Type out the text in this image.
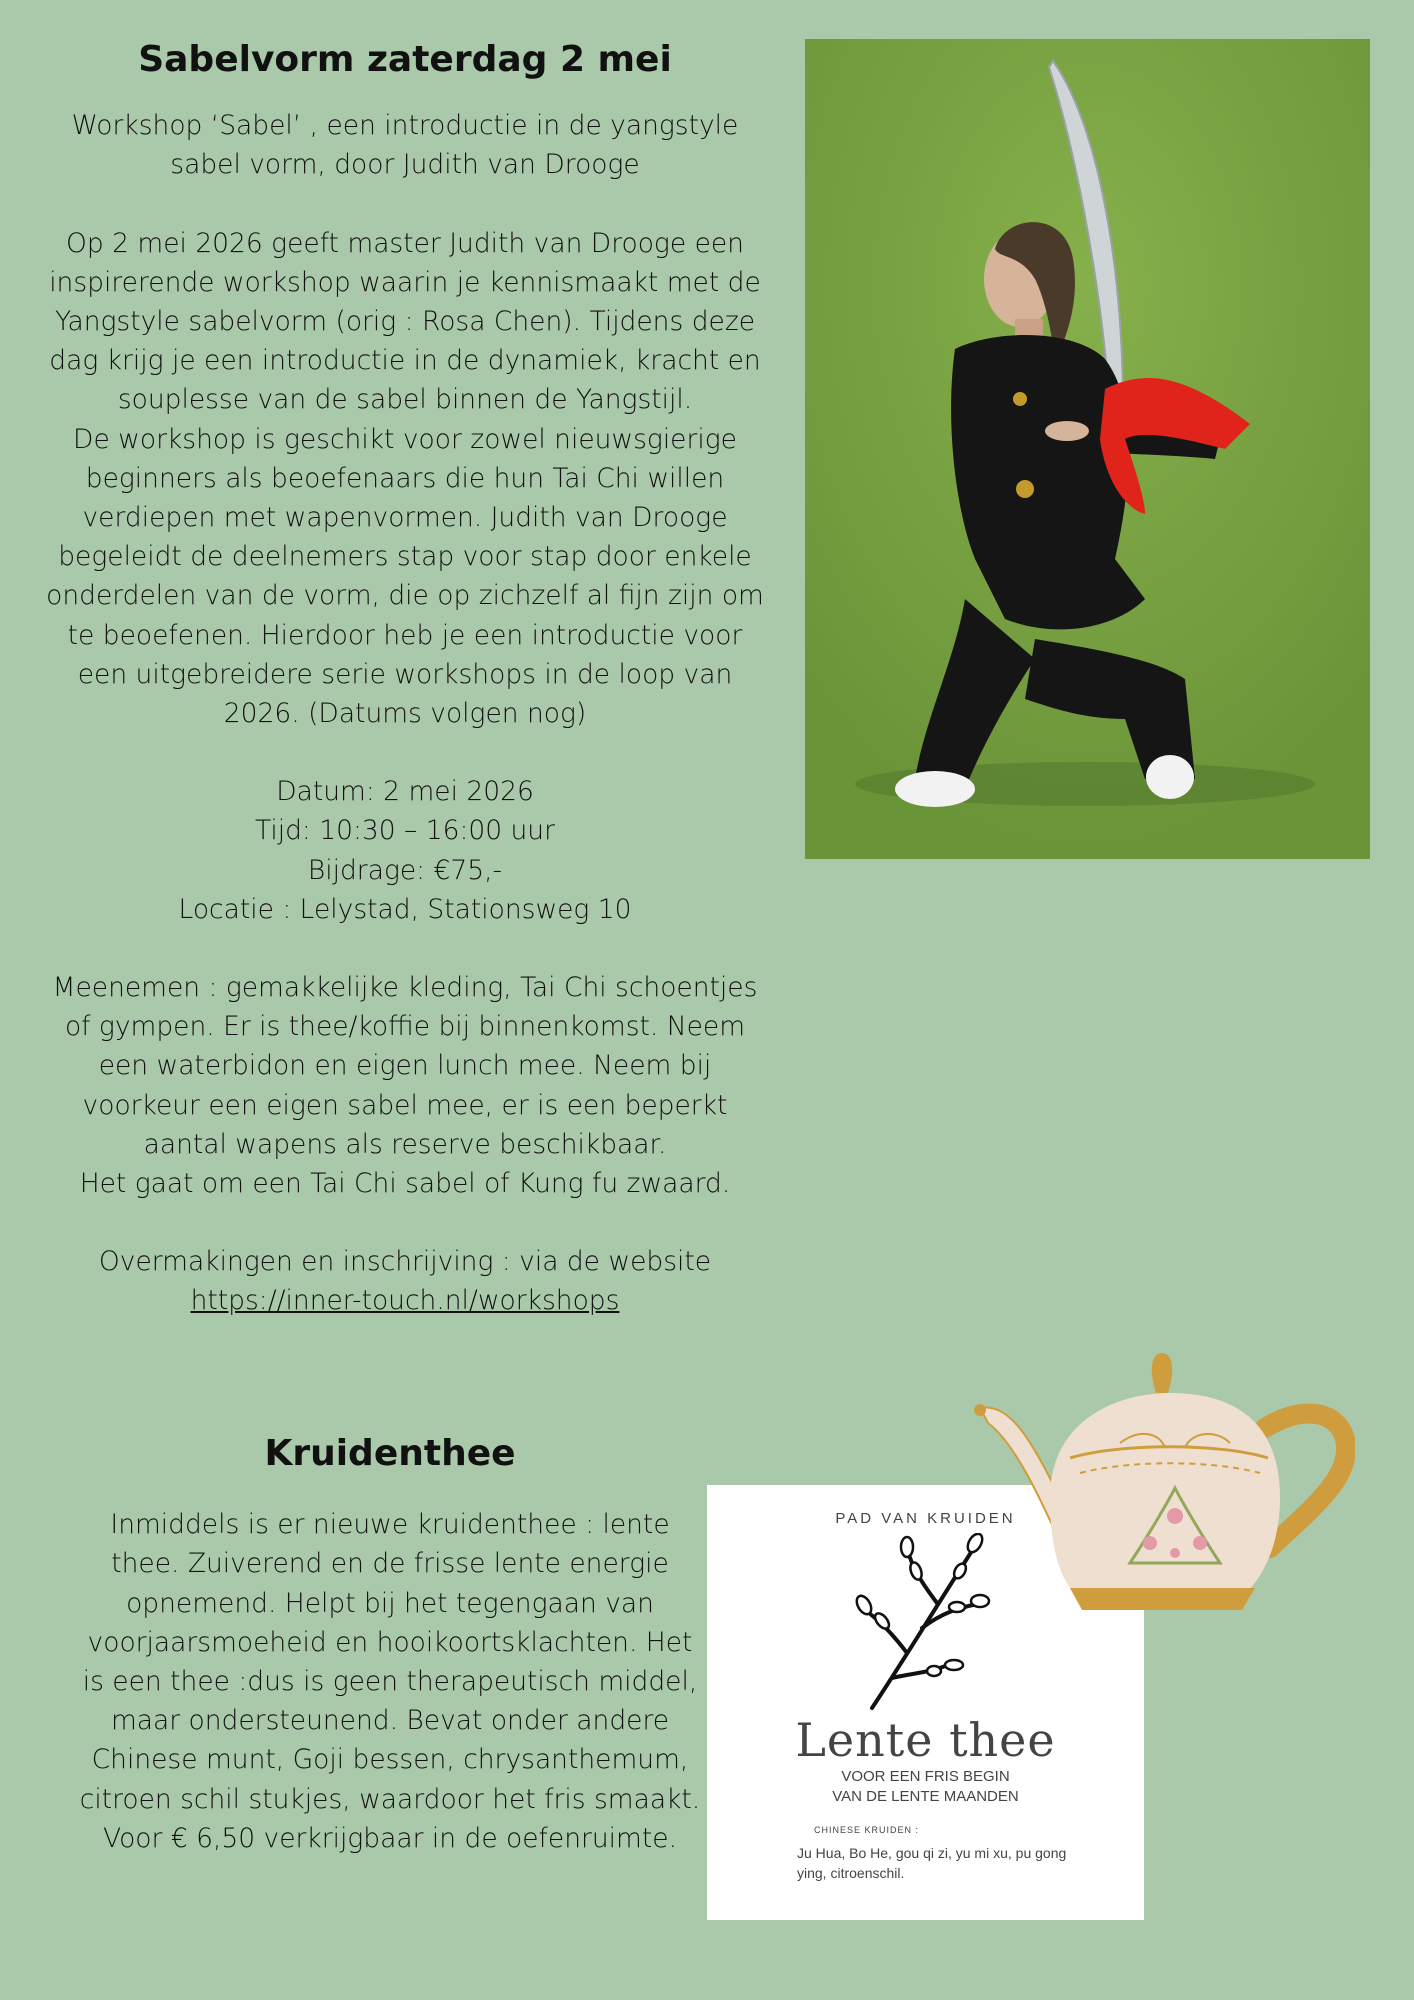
Sabelvorm zaterdag 2 mei

Workshop ‘Sabel’ , een introductie in de yangstyle sabel vorm, door Judith van Drooge

Op 2 mei 2026 geeft master Judith van Drooge een inspirerende workshop waarin je kennismaakt met de Yangstyle sabelvorm (orig : Rosa Chen). Tijdens deze dag krijg je een introductie in de dynamiek, kracht en souplesse van de sabel binnen de Yangstijl.

De workshop is geschikt voor zowel nieuwsgierige beginners als beoefenaars die hun Tai Chi willen verdiepen met wapenvormen. Judith van Drooge begeleidt de deelnemers stap voor stap door enkele onderdelen van de vorm, die op zichzelf al fijn zijn om te beoefenen. Hierdoor heb je een introductie voor een uitgebreidere serie workshops in de loop van 2026. (Datums volgen nog)

Datum: 2 mei 2026

Tijd: 10:30 – 16:00 uur

Bijdrage: €75,-

Locatie : Lelystad, Stationsweg 10

Meenemen : gemakkelijke kleding, Tai Chi schoentjes of gympen. Er is thee/koffie bij binnenkomst. Neem een waterbidon en eigen lunch mee. Neem bij voorkeur een eigen sabel mee, er is een beperkt aantal wapens als reserve beschikbaar.

Het gaat om een Tai Chi sabel of Kung fu zwaard.

Overmakingen en inschrijving : via de website

https://inner-touch.nl/workshops

Kruidenthee

Inmiddels is er nieuwe kruidenthee : lente thee. Zuiverend en de frisse lente energie opnemend. Helpt bij het tegengaan van voorjaarsmoeheid en hooikoortsklachten. Het is een thee :dus is geen therapeutisch middel, maar ondersteunend. Bevat onder andere Chinese munt, Goji bessen, chrysanthemum, citroen schil stukjes, waardoor het fris smaakt. Voor € 6,50 verkrijgbaar in de oefenruimte.

PAD VAN KRUIDEN
Lente thee
VOOR EEN FRIS BEGIN
VAN DE LENTE MAANDEN
CHINESE KRUIDEN :
Ju Hua, Bo He, gou qi zi, yu mi xu, pu gong ying, citroenschil.
